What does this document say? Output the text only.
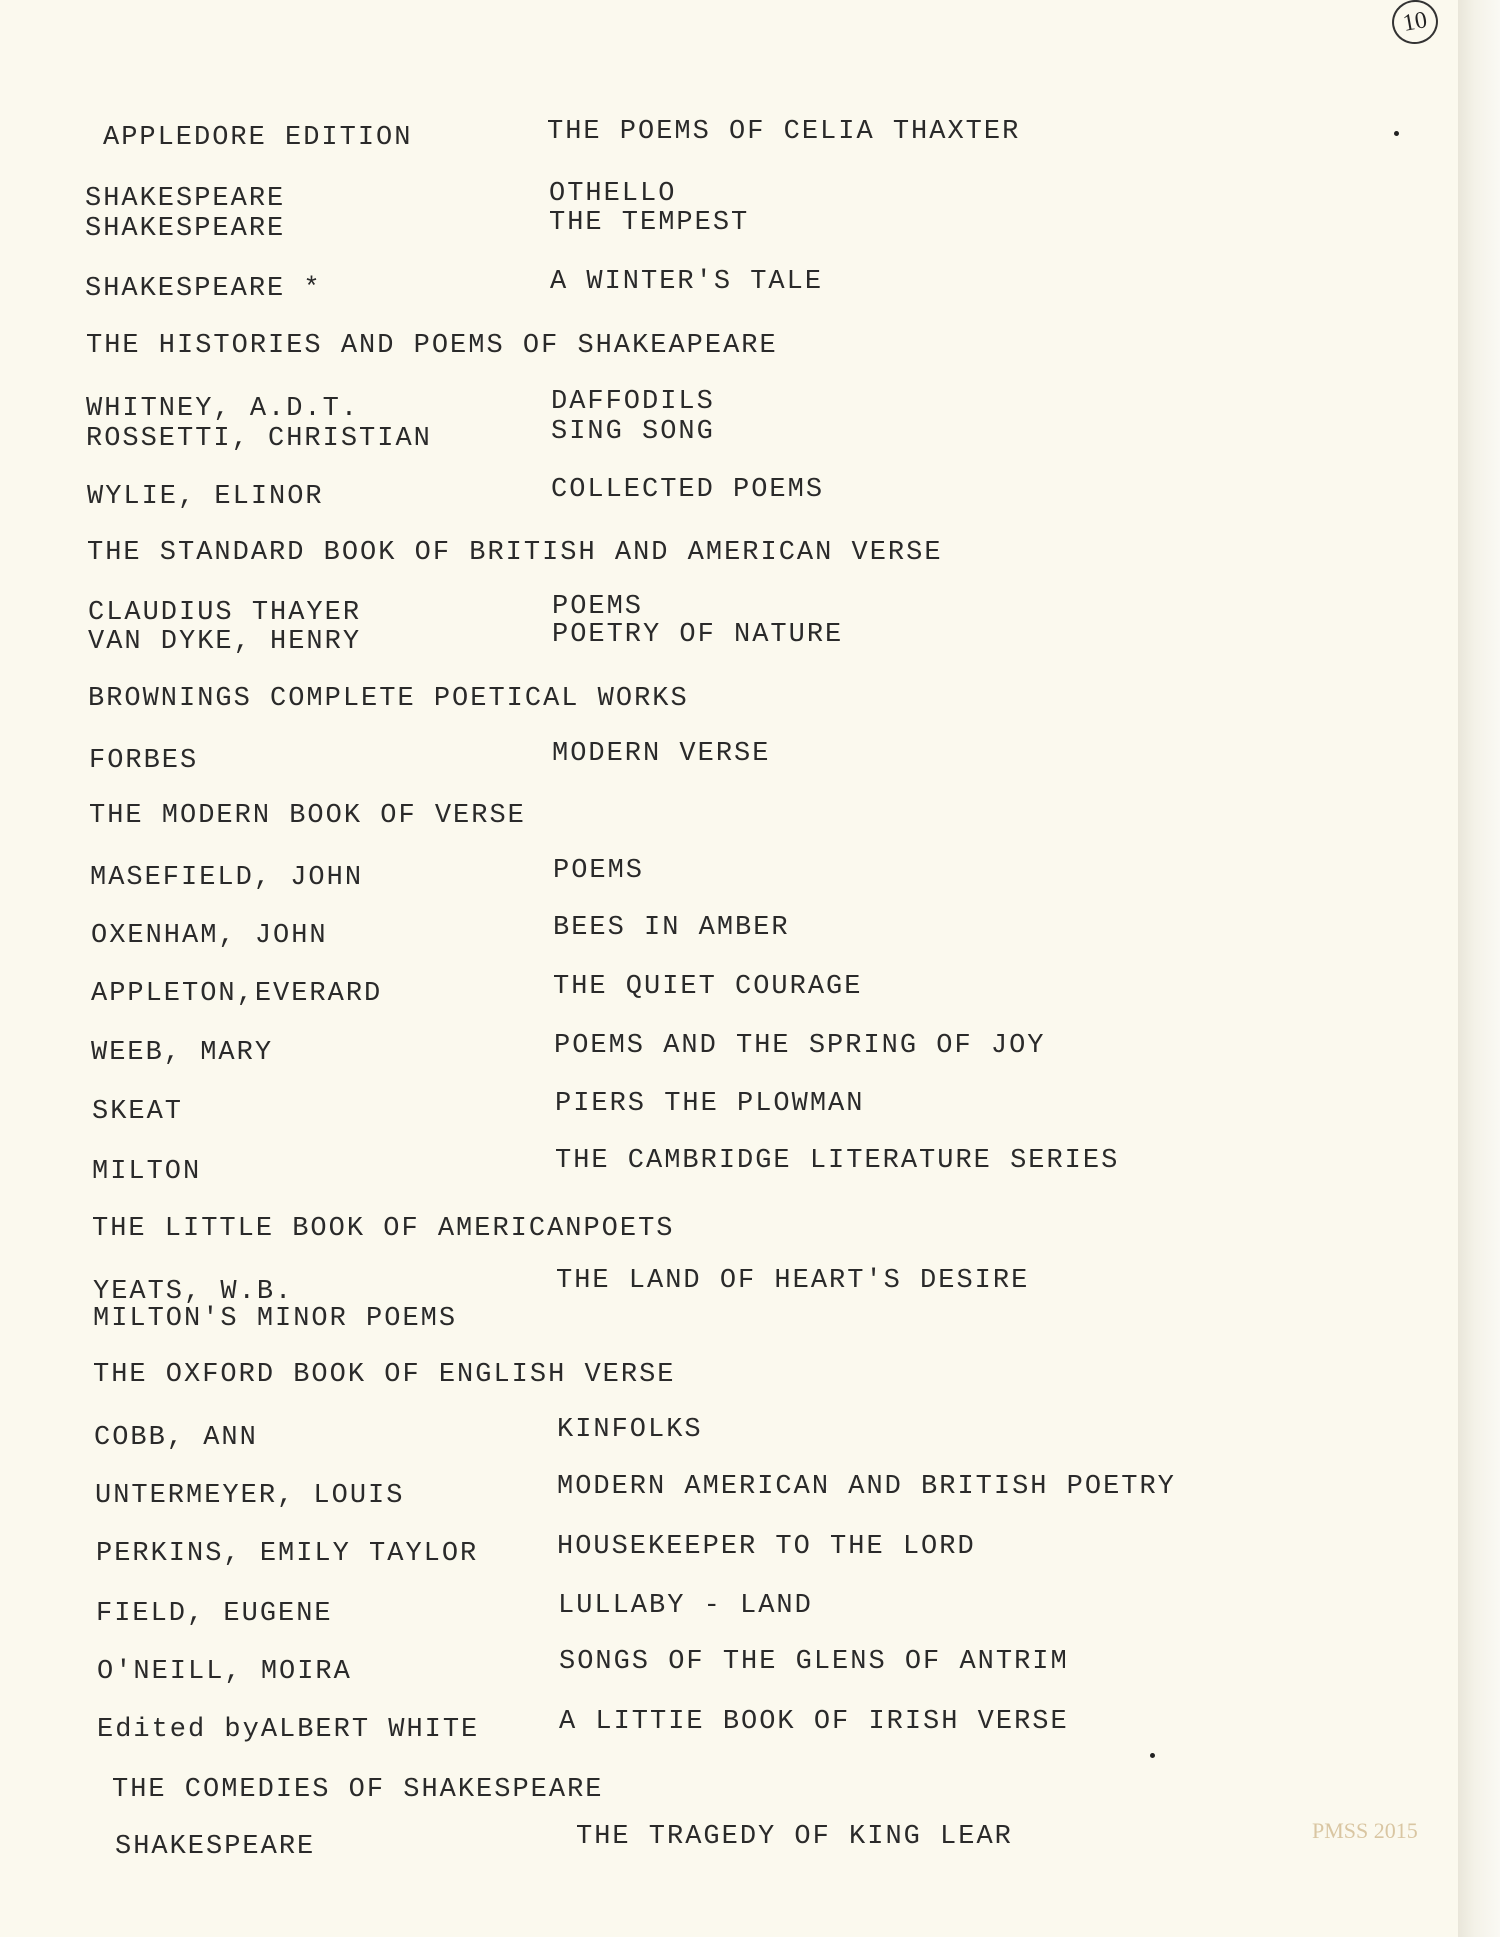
10
APPLEDORE EDITION	THE POEMS OF CELIA THAXTER
SHAKESPEARE	OTHELLO
SHAKESPEARE	THE TEMPEST
SHAKESPEARE *	A WINTER'S TALE
THE HISTORIES AND POEMS OF SHAKEAPEARE
WHITNEY, A.D.T.	DAFFODILS
ROSSETTI, CHRISTIAN	SING SONG
WYLIE, ELINOR	COLLECTED POEMS
THE STANDARD BOOK OF BRITISH AND AMERICAN VERSE
CLAUDIUS THAYER	POEMS
VAN DYKE, HENRY	POETRY OF NATURE
BROWNINGS COMPLETE POETICAL WORKS
FORBES	MODERN VERSE
THE MODERN BOOK OF VERSE
MASEFIELD, JOHN	POEMS
OXENHAM, JOHN	BEES IN AMBER
APPLETON,EVERARD	THE QUIET COURAGE
WEEB, MARY	POEMS AND THE SPRING OF JOY
SKEAT	PIERS THE PLOWMAN
MILTON	THE CAMBRIDGE LITERATURE SERIES
THE LITTLE BOOK OF AMERICANPOETS
YEATS, W.B.	THE LAND OF HEART'S DESIRE
MILTON'S MINOR POEMS
THE OXFORD BOOK OF ENGLISH VERSE
COBB, ANN	KINFOLKS
UNTERMEYER, LOUIS	MODERN AMERICAN AND BRITISH POETRY
PERKINS, EMILY TAYLOR	HOUSEKEEPER TO THE LORD
FIELD, EUGENE	LULLABY - LAND
O'NEILL, MOIRA	SONGS OF THE GLENS OF ANTRIM
Edited byALBERT WHITE	A LITTIE BOOK OF IRISH VERSE
THE COMEDIES OF SHAKESPEARE
SHAKESPEARE	THE TRAGEDY OF KING LEAR	PMSS 2015
